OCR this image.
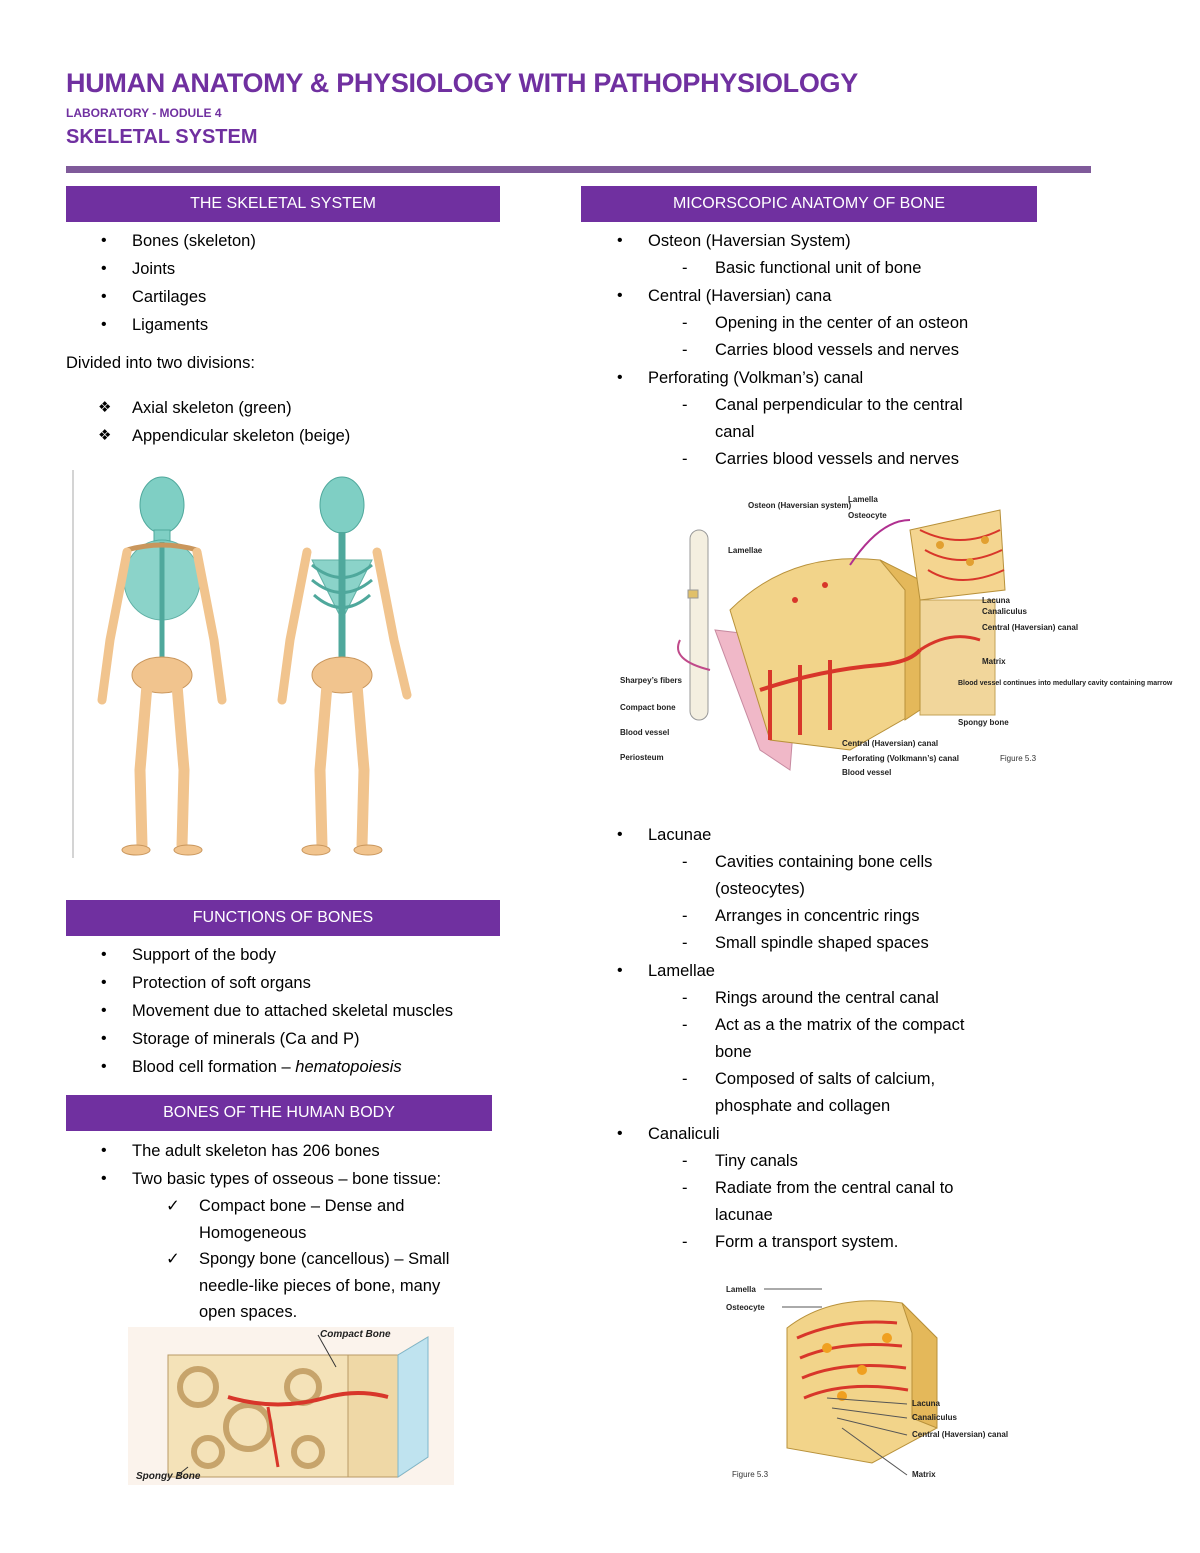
HUMAN ANATOMY & PHYSIOLOGY WITH PATHOPHYSIOLOGY
LABORATORY - MODULE 4
SKELETAL SYSTEM
THE SKELETAL SYSTEM
• Bones (skeleton)
• Joints
• Cartilages
• Ligaments
Divided into two divisions:
❖ Axial skeleton (green)
❖ Appendicular skeleton (beige)
FUNCTIONS OF BONES
• Support of the body
• Protection of soft organs
• Movement due to attached skeletal muscles
• Storage of minerals (Ca and P)
• Blood cell formation – hematopoiesis
BONES OF THE HUMAN BODY
• The adult skeleton has 206 bones
• Two basic types of osseous – bone tissue:
✓ Compact bone – Dense and Homogeneous
✓ Spongy bone (cancellous) – Small needle-like pieces of bone, many open spaces.
Compact Bone
Spongy Bone
MICORSCOPIC ANATOMY OF BONE
• Osteon (Haversian System)
- Basic functional unit of bone
• Central (Haversian) cana
- Opening in the center of an osteon
- Carries blood vessels and nerves
• Perforating (Volkman’s) canal
- Canal perpendicular to the central canal
- Carries blood vessels and nerves
Sharpey’s fibers
Compact bone
Blood vessel
Periosteum
Osteon (Haversian system)
Lamellae
Lamella
Osteocyte
Lacuna
Canaliculus
Central (Haversian) canal
Matrix
Blood vessel continues into medullary cavity containing marrow
Spongy bone
Central (Haversian) canal
Perforating (Volkmann’s) canal
Blood vessel
Figure 5.3
• Lacunae
- Cavities containing bone cells (osteocytes)
- Arranges in concentric rings
- Small spindle shaped spaces
• Lamellae
- Rings around the central canal
- Act as a the matrix of the compact bone
- Composed of salts of calcium, phosphate and collagen
• Canaliculi
- Tiny canals
- Radiate from the central canal to lacunae
- Form a transport system.
Lamella
Osteocyte
Lacuna
Canaliculus
Central (Haversian) canal
Matrix
Figure 5.3
